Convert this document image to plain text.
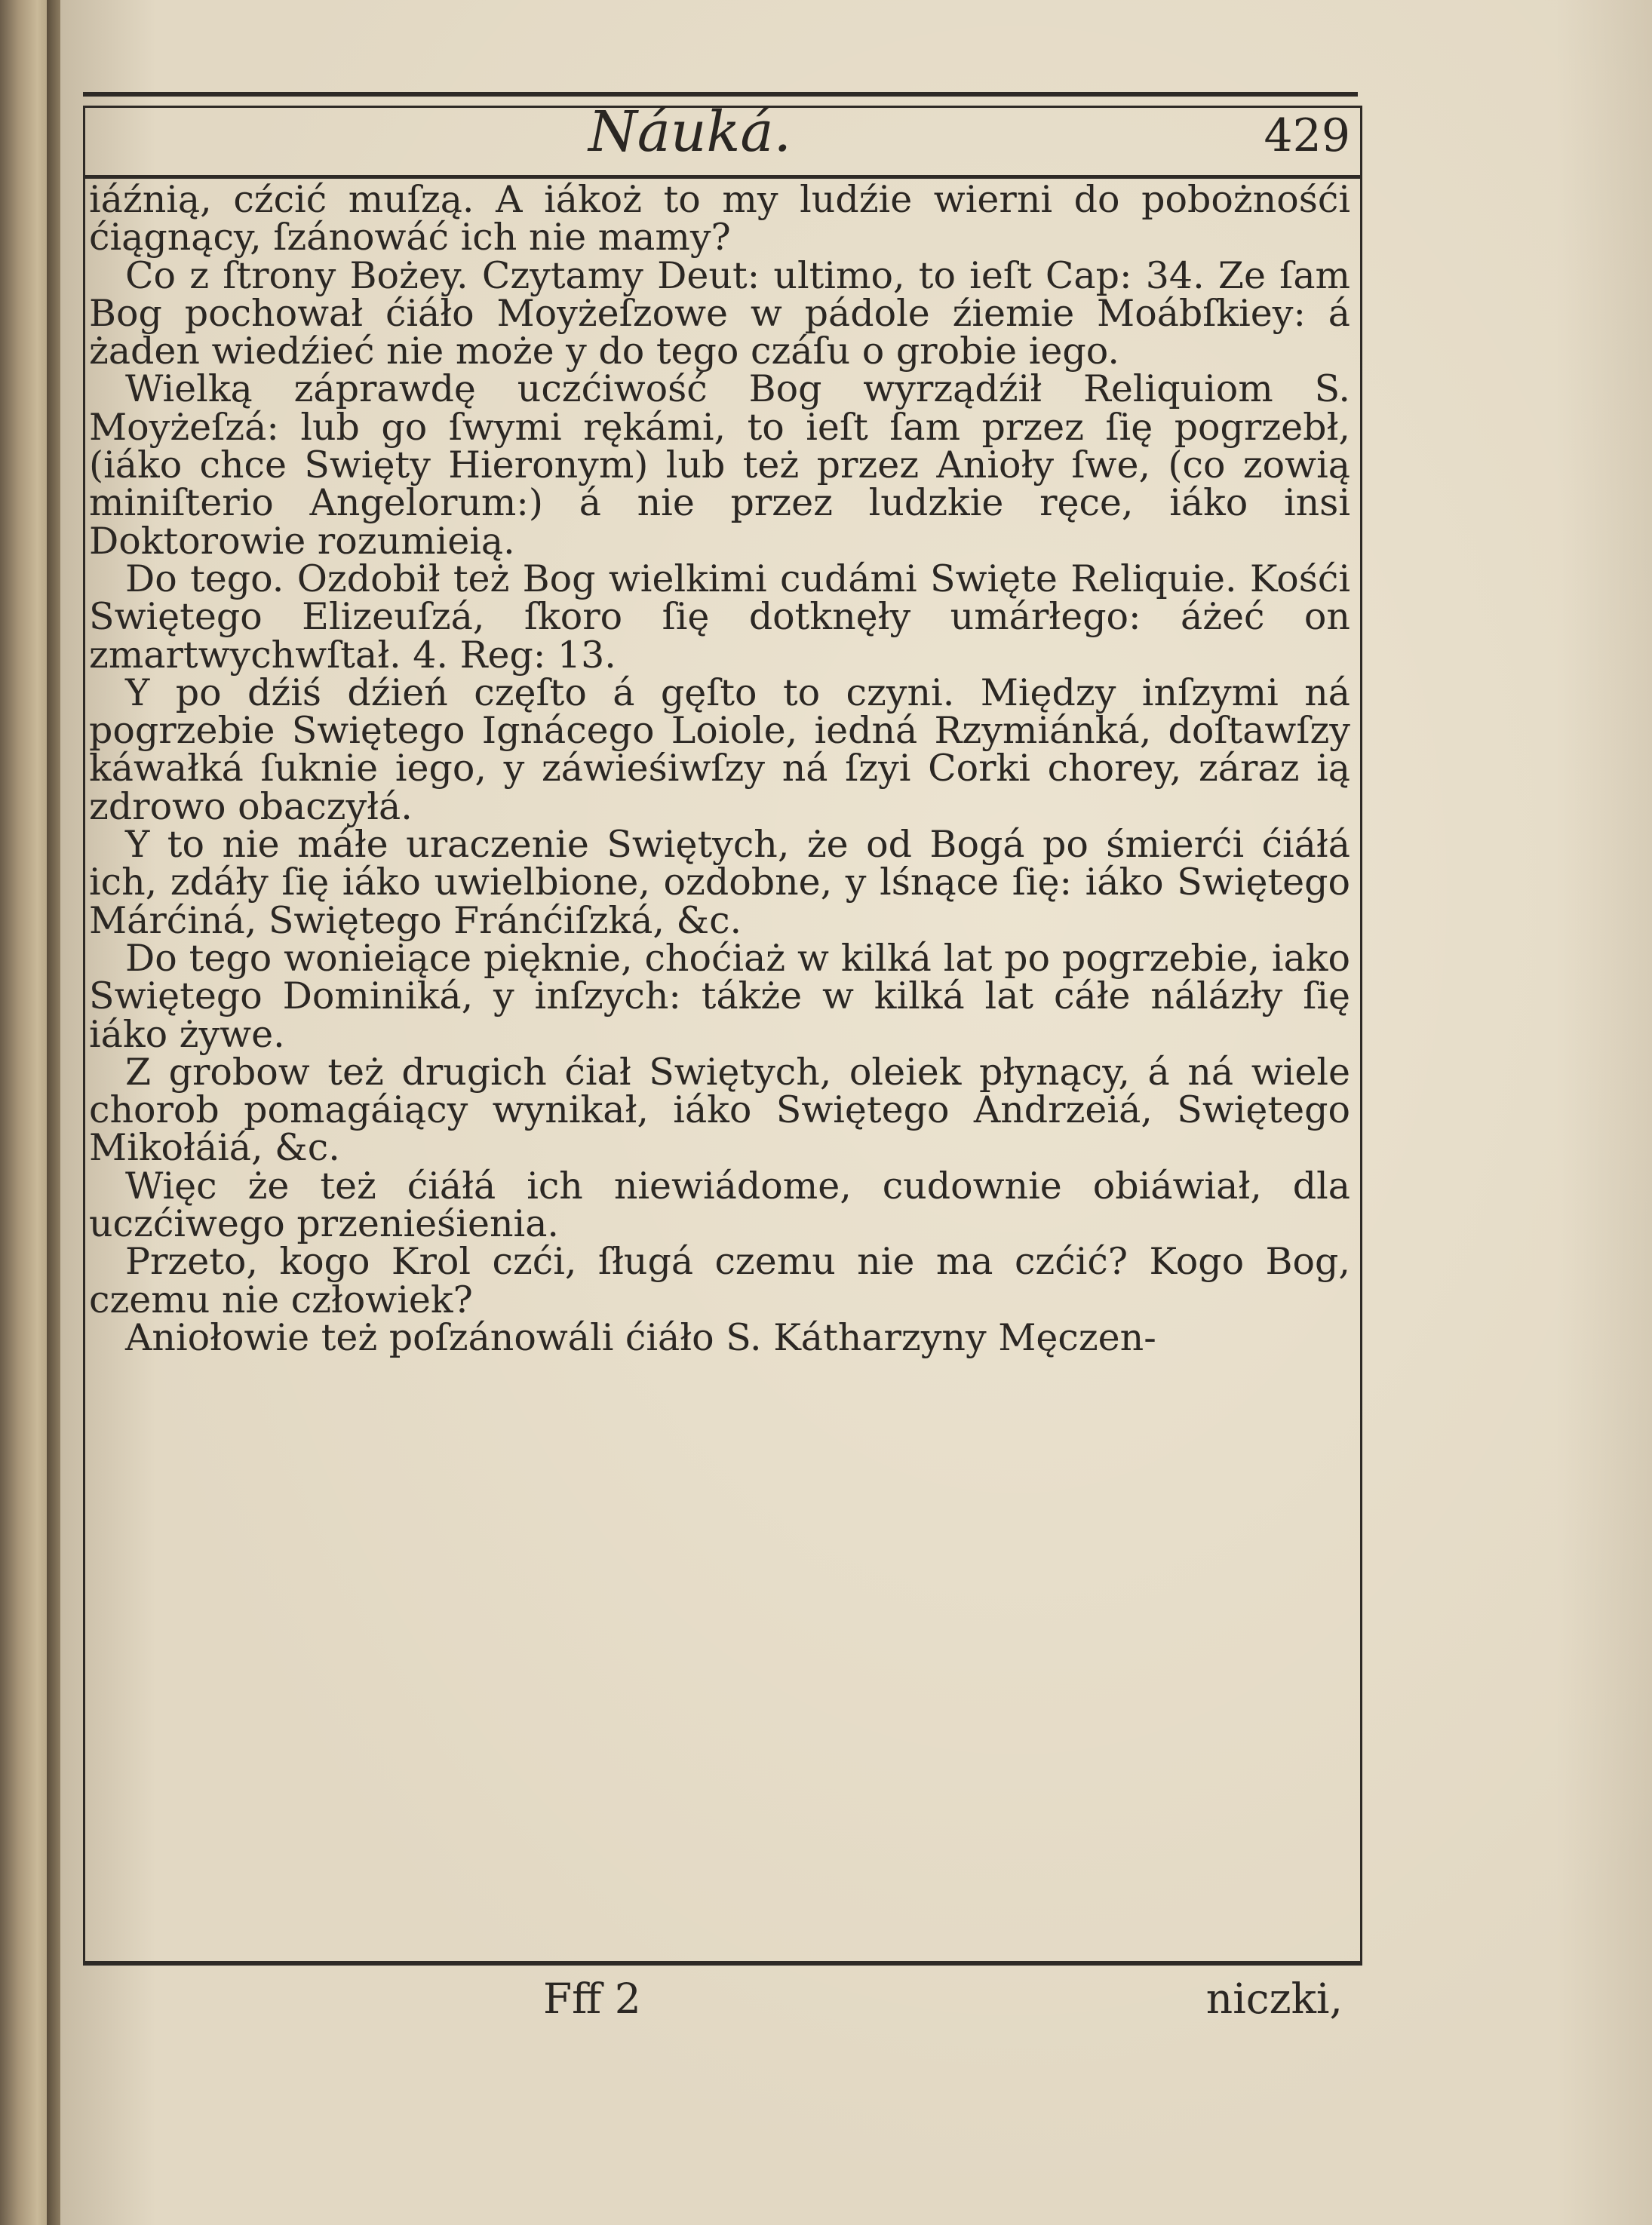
Náuká.	429

iáźnią, cźcić muſzą. A iákoż to my ludźie wierni do pobożnośći ćiągnący, ſzánowáć ich nie mamy?

Co z ſtrony Bożey. Czytamy Deut: ultimo, to ieſt Cap: 34. Ze ſam Bog pochował ćiáło Moyżeſzowe w pádole źiemie Moábſkiey: á żaden wiedźieć nie może y do tego czáſu o grobie iego.

Wielką záprawdę uczćiwość Bog wyrządźił Reliquiom S. Moyżeſzá: lub go ſwymi rękámi, to ieſt ſam przez ſię pogrzebł, (iáko chce Swięty Hieronym) lub też przez Anioły ſwe, (co zowią miniſterio Angelorum:) á nie przez ludzkie ręce, iáko insi Doktorowie rozumieią.

Do tego. Ozdobił też Bog wielkimi cudámi Swięte Reliquie. Kośći Swiętego Elizeuſzá, ſkoro ſię dotknęły umárłego: áżeć on zmartwychwſtał. 4. Reg: 13.

Y po dźiś dźień częſto á gęſto to czyni. Między inſzymi ná pogrzebie Swiętego Ignácego Loiole, iedná Rzymiánká, doſtawſzy káwałká ſuknie iego, y záwieśiwſzy ná ſzyi Corki chorey, záraz ią zdrowo obaczyłá.

Y to nie máłe uraczenie Swiętych, że od Bogá po śmierći ćiáłá ich, zdáły ſię iáko uwielbione, ozdobne, y lśnące ſię: iáko Swiętego Márćiná, Swiętego Fránćiſzká, &c.

Do tego wonieiące pięknie, choćiaż w kilká lat po pogrzebie, iako Swiętego Dominiká, y inſzych: tákże w kilká lat cáłe nálázły ſię iáko żywe.

Z grobow też drugich ćiał Swiętych, oleiek płynący, á ná wiele chorob pomagáiący wynikał, iáko Swiętego Andrzeiá, Swiętego Mikołáiá, &c.

Więc że też ćiáłá ich niewiádome, cudownie obiáwiał, dla uczćiwego przenieśienia.

Przeto, kogo Krol czći, ſługá czemu nie ma czćić? Kogo Bog, czemu nie człowiek?

Aniołowie też poſzánowáli ćiáło S. Kátharzyny Męczen-

Fff 2	niczki,
